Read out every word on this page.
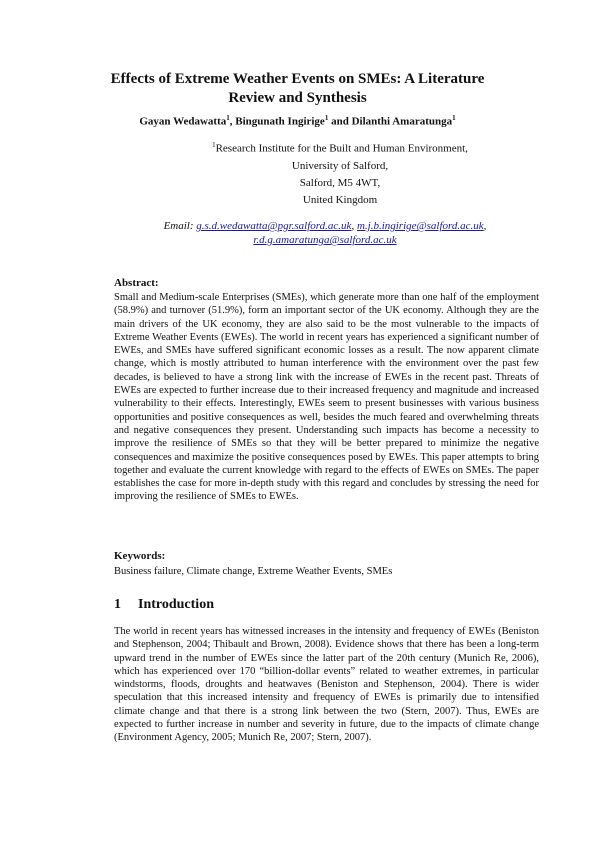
Effects of Extreme Weather Events on SMEs: A Literature
Review and Synthesis
Gayan Wedawatta$^1$, Bingunath Ingirige$^1$ and Dilanthi Amaratunga$^1$
$^1$Research Institute for the Built and Human Environment,
University of Salford,
Salford, M5 4WT,
United Kingdom
Email: g.s.d.wedawatta@pgr.salford.ac.uk, m.j.b.ingirige@salford.ac.uk,
r.d.g.amaratunga@salford.ac.uk
Abstract:
Small and Medium-scale Enterprises (SMEs), which generate more than one half of the employment (58.9%) and turnover (51.9%), form an important sector of the UK economy. Although they are the main drivers of the UK economy, they are also said to be the most vulnerable to the impacts of Extreme Weather Events (EWEs). The world in recent years has experienced a significant number of EWEs, and SMEs have suffered significant economic losses as a result. The now apparent climate change, which is mostly attributed to human interference with the environment over the past few decades, is believed to have a strong link with the increase of EWEs in the recent past. Threats of EWEs are expected to further increase due to their increased frequency and magnitude and increased vulnerability to their effects. Interestingly, EWEs seem to present businesses with various business opportunities and positive consequences as well, besides the much feared and overwhelming threats and negative consequences they present. Understanding such impacts has become a necessity to improve the resilience of SMEs so that they will be better prepared to minimize the negative consequences and maximize the positive consequences posed by EWEs. This paper attempts to bring together and evaluate the current knowledge with regard to the effects of EWEs on SMEs. The paper establishes the case for more in-depth study with this regard and concludes by stressing the need for improving the resilience of SMEs to EWEs.
Keywords:
Business failure, Climate change, Extreme Weather Events, SMEs
1 Introduction
The world in recent years has witnessed increases in the intensity and frequency of EWEs (Beniston and Stephenson, 2004; Thibault and Brown, 2008). Evidence shows that there has been a long-term upward trend in the number of EWEs since the latter part of the 20th century (Munich Re, 2006), which has experienced over 170 “billion-dollar events” related to weather extremes, in particular windstorms, floods, droughts and heatwaves (Beniston and Stephenson, 2004). There is wider speculation that this increased intensity and frequency of EWEs is primarily due to intensified climate change and that there is a strong link between the two (Stern, 2007). Thus, EWEs are expected to further increase in number and severity in future, due to the impacts of climate change (Environment Agency, 2005; Munich Re, 2007; Stern, 2007).
